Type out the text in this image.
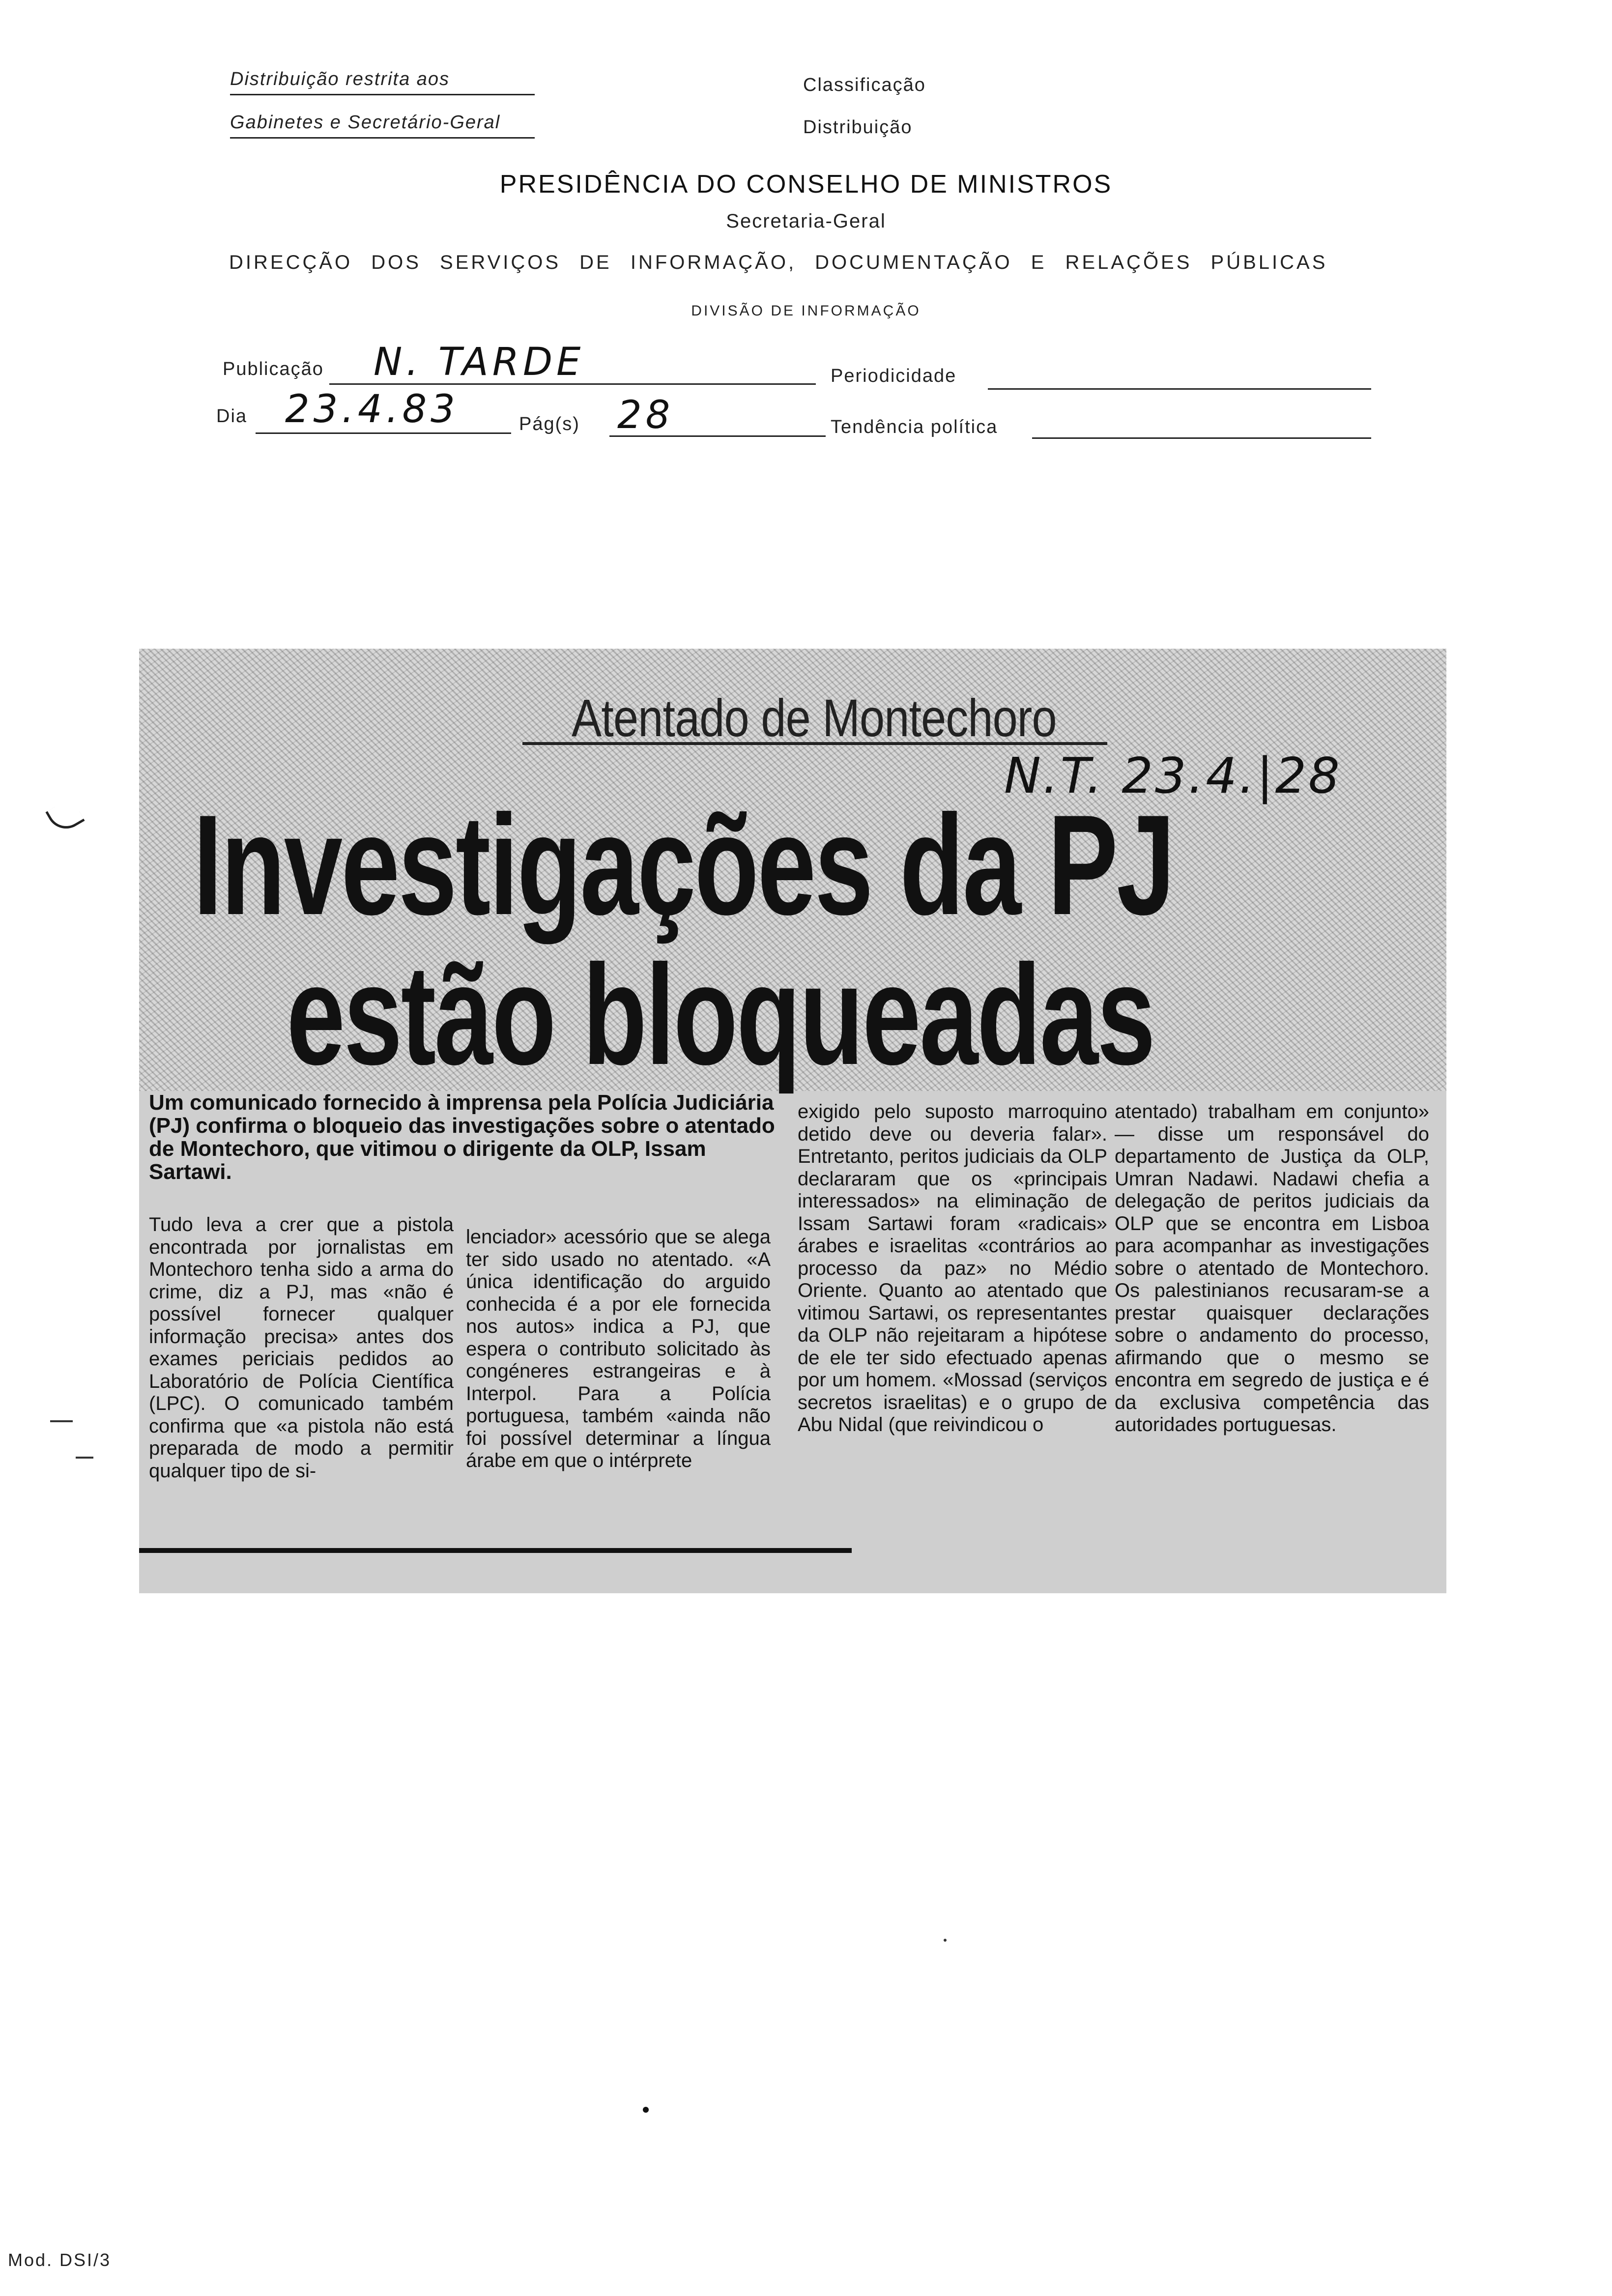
Distribuição restrita aos
Gabinetes e Secretário-Geral
Classificação
Distribuição
PRESIDÊNCIA DO CONSELHO DE MINISTROS
Secretaria-Geral
DIRECÇÃO DOS SERVIÇOS DE INFORMAÇÃO, DOCUMENTAÇÃO E RELAÇÕES PÚBLICAS
DIVISÃO DE INFORMAÇÃO
Publicação N. TARDE	Periodicidade
Dia 23.4.83	Pág(s) 28	Tendência política
Atentado de Montechoro
N.T. 23.4.|28
Investigações da PJ
estão bloqueadas
Um comunicado fornecido à imprensa pela Polícia Judiciária (PJ) confirma o bloqueio das investigações sobre o atentado de Montechoro, que vitimou o dirigente da OLP, Issam Sartawi.
Tudo leva a crer que a pistola encontrada por jornalistas em Montechoro tenha sido a arma do crime, diz a PJ, mas «não é possível fornecer qualquer informação precisa» antes dos exames periciais pedidos ao Laboratório de Polícia Científica (LPC). O comunicado também confirma que «a pistola não está preparada de modo a permitir qualquer tipo de si-
lenciador» acessório que se alega ter sido usado no atentado. «A única identificação do arguido conhecida é a por ele fornecida nos autos» indica a PJ, que espera o contributo solicitado às congéneres estrangeiras e à Interpol. Para a Polícia portuguesa, também «ainda não foi possível determinar a língua árabe em que o intérprete
exigido pelo suposto marroquino detido deve ou deveria falar». Entretanto, peritos judiciais da OLP declararam que os «principais interessados» na eliminação de Issam Sartawi foram «radicais» árabes e israelitas «contrários ao processo da paz» no Médio Oriente. Quanto ao atentado que vitimou Sartawi, os representantes da OLP não rejeitaram a hipótese de ele ter sido efectuado apenas por um homem. «Mossad (serviços secretos israelitas) e o grupo de Abu Nidal (que reivindicou o
atentado) trabalham em conjunto» — disse um responsável do departamento de Justiça da OLP, Umran Nadawi. Nadawi chefia a delegação de peritos judiciais da OLP que se encontra em Lisboa para acompanhar as investigações sobre o atentado de Montechoro. Os palestinianos recusaram-se a prestar quaisquer declarações sobre o andamento do processo, afirmando que o mesmo se encontra em segredo de justiça e é da exclusiva competência das autoridades portuguesas.
Mod. DSI/3
